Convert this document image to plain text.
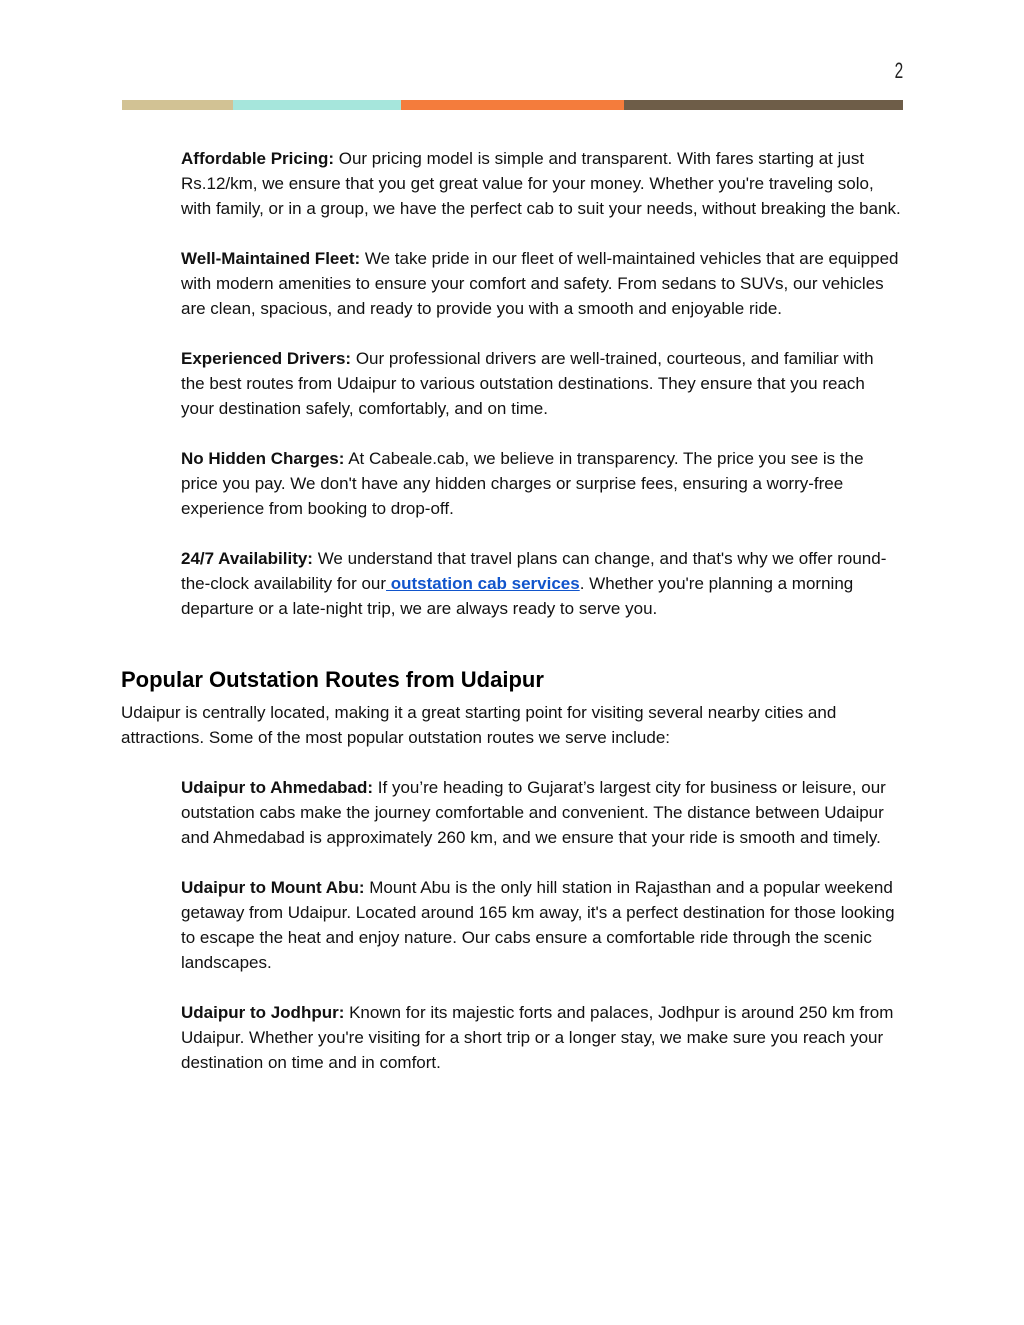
2

Affordable Pricing: Our pricing model is simple and transparent. With fares starting at just Rs.12/km, we ensure that you get great value for your money. Whether you're traveling solo, with family, or in a group, we have the perfect cab to suit your needs, without breaking the bank.

Well-Maintained Fleet: We take pride in our fleet of well-maintained vehicles that are equipped with modern amenities to ensure your comfort and safety. From sedans to SUVs, our vehicles are clean, spacious, and ready to provide you with a smooth and enjoyable ride.

Experienced Drivers: Our professional drivers are well-trained, courteous, and familiar with the best routes from Udaipur to various outstation destinations. They ensure that you reach your destination safely, comfortably, and on time.

No Hidden Charges: At Cabeale.cab, we believe in transparency. The price you see is the price you pay. We don't have any hidden charges or surprise fees, ensuring a worry-free experience from booking to drop-off.

24/7 Availability: We understand that travel plans can change, and that's why we offer round-the-clock availability for our outstation cab services. Whether you're planning a morning departure or a late-night trip, we are always ready to serve you.

Popular Outstation Routes from Udaipur

Udaipur is centrally located, making it a great starting point for visiting several nearby cities and attractions. Some of the most popular outstation routes we serve include:

Udaipur to Ahmedabad: If you’re heading to Gujarat’s largest city for business or leisure, our outstation cabs make the journey comfortable and convenient. The distance between Udaipur and Ahmedabad is approximately 260 km, and we ensure that your ride is smooth and timely.

Udaipur to Mount Abu: Mount Abu is the only hill station in Rajasthan and a popular weekend getaway from Udaipur. Located around 165 km away, it's a perfect destination for those looking to escape the heat and enjoy nature. Our cabs ensure a comfortable ride through the scenic landscapes.

Udaipur to Jodhpur: Known for its majestic forts and palaces, Jodhpur is around 250 km from Udaipur. Whether you're visiting for a short trip or a longer stay, we make sure you reach your destination on time and in comfort.
